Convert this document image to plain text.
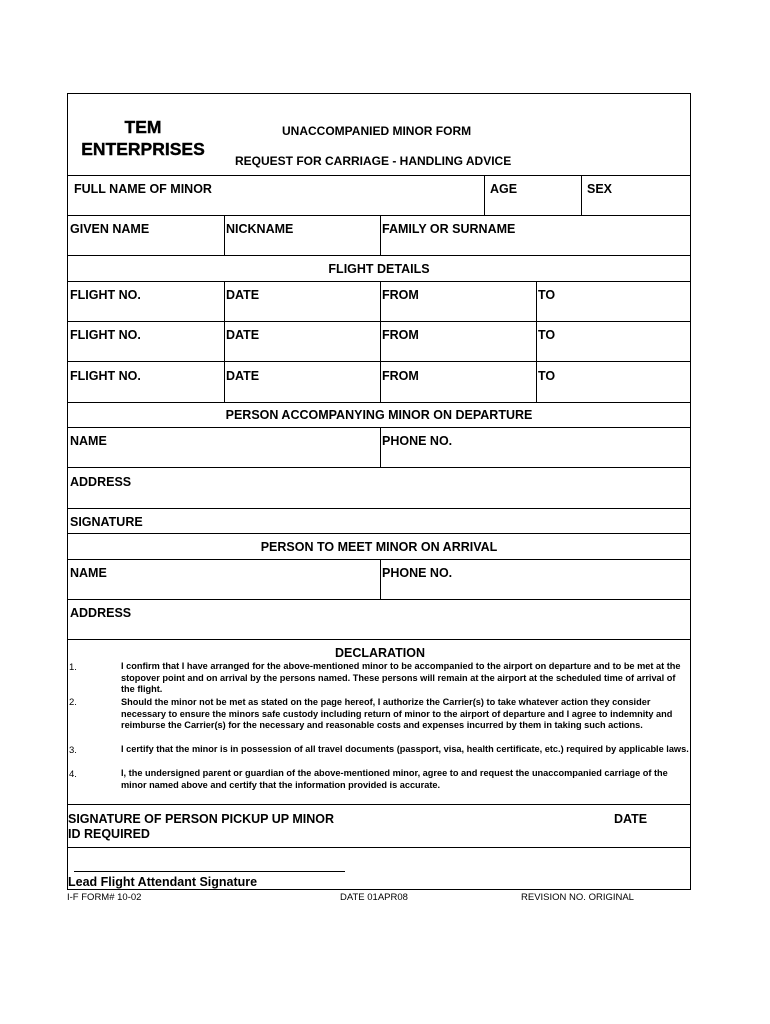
TEM
ENTERPRISES
UNACCOMPANIED MINOR FORM
REQUEST FOR CARRIAGE - HANDLING ADVICE
FULL NAME OF MINOR	AGE	SEX
GIVEN NAME	NICKNAME	FAMILY OR SURNAME
FLIGHT DETAILS
FLIGHT NO.	DATE	FROM	TO
FLIGHT NO.	DATE	FROM	TO
FLIGHT NO.	DATE	FROM	TO
PERSON ACCOMPANYING MINOR ON DEPARTURE
NAME	PHONE NO.
ADDRESS
SIGNATURE
PERSON TO MEET MINOR ON ARRIVAL
NAME	PHONE NO.
ADDRESS
DECLARATION
SIGNATURE OF PERSON PICKUP UP MINOR
ID REQUIRED
DATE
Lead Flight Attendant Signature
1.	I confirm that I have arranged for the above-mentioned minor to be accompanied to the airport on departure and to be met at the stopover point and on arrival by the persons named. These persons will remain at the airport at the scheduled time of arrival of the flight.
2.	Should the minor not be met as stated on the page hereof, I authorize the Carrier(s) to take whatever action they consider necessary to ensure the minors safe custody including return of minor to the airport of departure and I agree to indemnity and reimburse the Carrier(s) for the necessary and reasonable costs and expenses incurred by them in taking such actions.
3.	I certify that the minor is in possession of all travel documents (passport, visa, health certificate, etc.) required by applicable laws.
4.	I, the undersigned parent or guardian of the above-mentioned minor, agree to and request the unaccompanied carriage of the minor named above and certify that the information provided is accurate.
I-F FORM# 10-02	DATE 01APR08	REVISION NO. ORIGINAL
